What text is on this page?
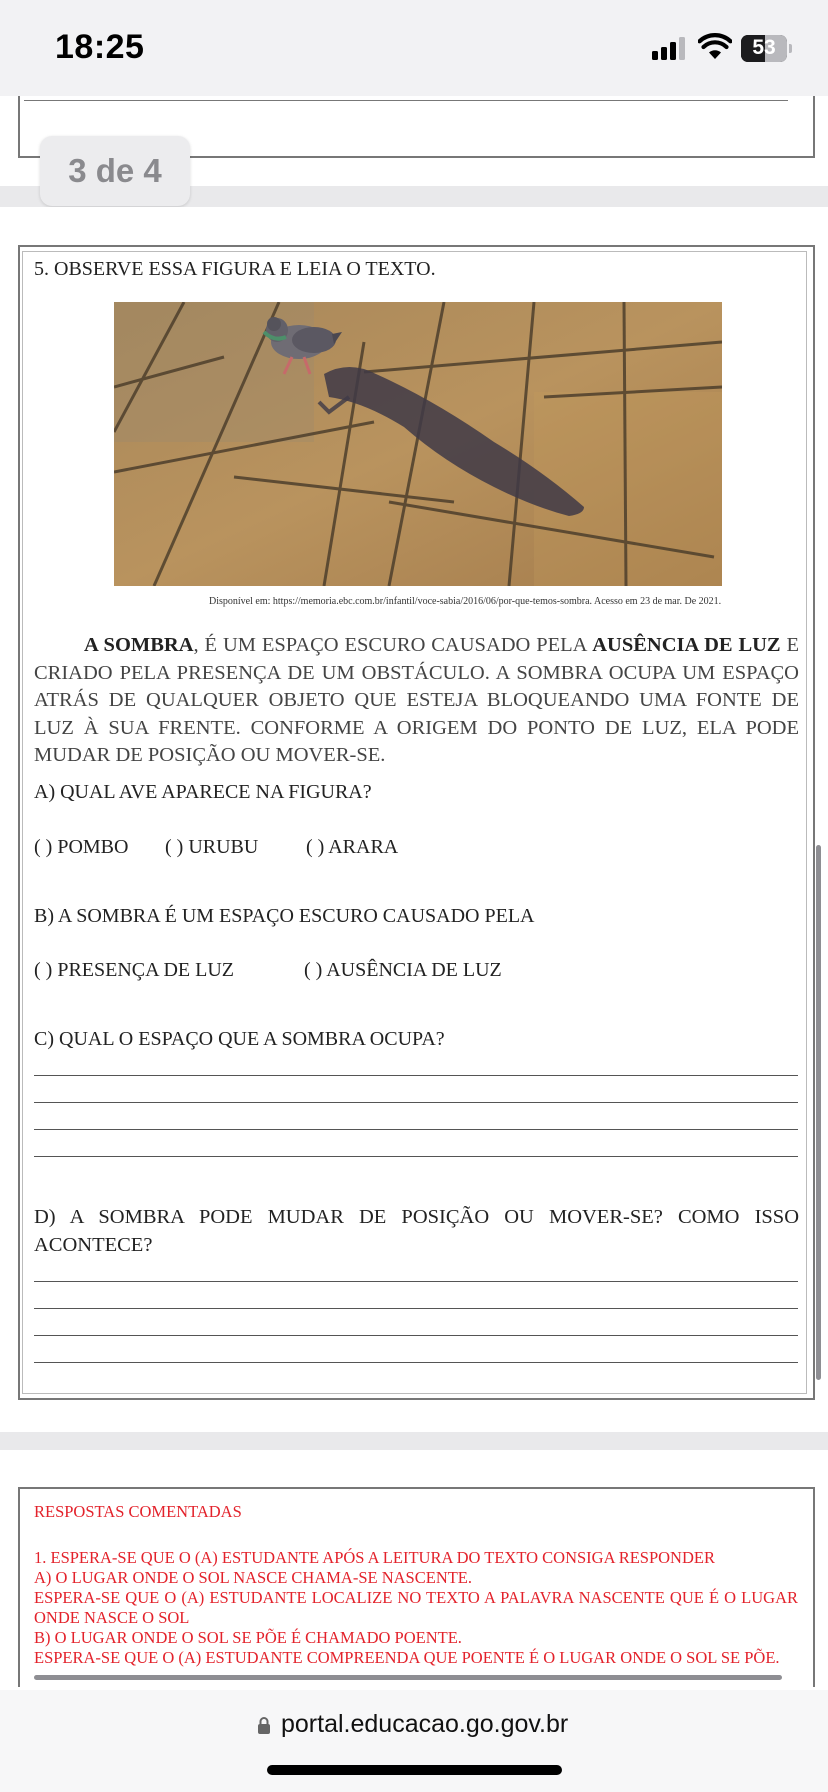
18:25	53
3 de 4
5. OBSERVE ESSA FIGURA E LEIA O TEXTO.
Disponível em: https://memoria.ebc.com.br/infantil/voce-sabia/2016/06/por-que-temos-sombra. Acesso em 23 de mar. De 2021.
A SOMBRA, É UM ESPAÇO ESCURO CAUSADO PELA AUSÊNCIA DE LUZ E CRIADO PELA PRESENÇA DE UM OBSTÁCULO. A SOMBRA OCUPA UM ESPAÇO ATRÁS DE QUALQUER OBJETO QUE ESTEJA BLOQUEANDO UMA FONTE DE LUZ À SUA FRENTE. CONFORME A ORIGEM DO PONTO DE LUZ, ELA PODE MUDAR DE POSIÇÃO OU MOVER-SE.
A) QUAL AVE APARECE NA FIGURA?
( ) POMBO ( ) URUBU ( ) ARARA
B) A SOMBRA É UM ESPAÇO ESCURO CAUSADO PELA
( ) PRESENÇA DE LUZ	( ) AUSÊNCIA DE LUZ
C) QUAL O ESPAÇO QUE A SOMBRA OCUPA?
D) A SOMBRA PODE MUDAR DE POSIÇÃO OU MOVER-SE? COMO ISSO ACONTECE?
RESPOSTAS COMENTADAS
1. ESPERA-SE QUE O (A) ESTUDANTE APÓS A LEITURA DO TEXTO CONSIGA RESPONDER
A) O LUGAR ONDE O SOL NASCE CHAMA-SE NASCENTE.
ESPERA-SE QUE O (A) ESTUDANTE LOCALIZE NO TEXTO A PALAVRA NASCENTE QUE É O LUGAR ONDE NASCE O SOL
B) O LUGAR ONDE O SOL SE PÕE É CHAMADO POENTE.
ESPERA-SE QUE O (A) ESTUDANTE COMPREENDA QUE POENTE É O LUGAR ONDE O SOL SE PÕE.
portal.educacao.go.gov.br
